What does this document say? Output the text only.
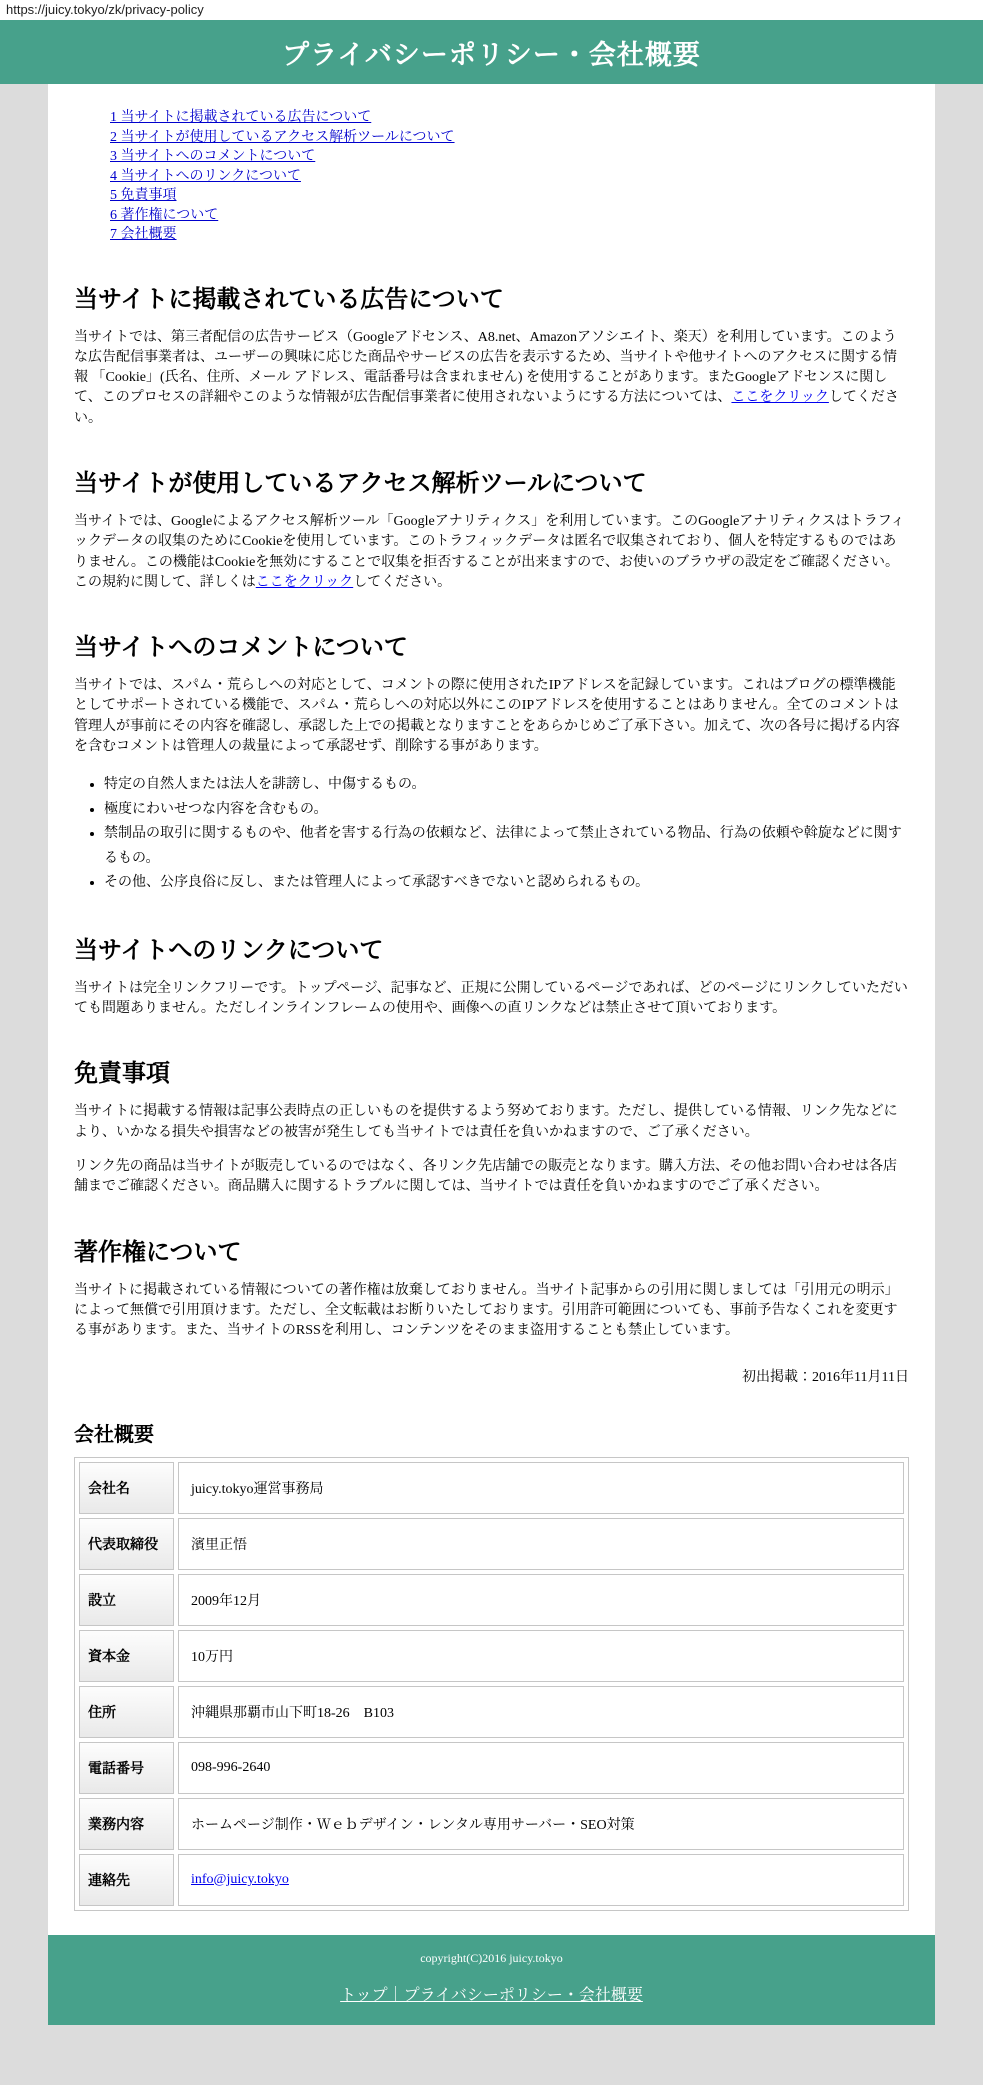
https://juicy.tokyo/zk/privacy-policy
プライバシーポリシー・会社概要
1 当サイトに掲載されている広告について
2 当サイトが使用しているアクセス解析ツールについて
3 当サイトへのコメントについて
4 当サイトへのリンクについて
5 免責事項
6 著作権について
7 会社概要
当サイトに掲載されている広告について

当サイトでは、第三者配信の広告サービス（Googleアドセンス、A8.net、Amazonアソシエイト、楽天）を利用しています。このような広告配信事業者は、ユーザーの興味に応じた商品やサービスの広告を表示するため、当サイトや他サイトへのアクセスに関する情報 「Cookie」(氏名、住所、メール アドレス、電話番号は含まれません) を使用することがあります。またGoogleアドセンスに関して、このプロセスの詳細やこのような情報が広告配信事業者に使用されないようにする方法については、ここをクリックしてください。

当サイトが使用しているアクセス解析ツールについて

当サイトでは、Googleによるアクセス解析ツール「Googleアナリティクス」を利用しています。このGoogleアナリティクスはトラフィックデータの収集のためにCookieを使用しています。このトラフィックデータは匿名で収集されており、個人を特定するものではありません。この機能はCookieを無効にすることで収集を拒否することが出来ますので、お使いのブラウザの設定をご確認ください。この規約に関して、詳しくはここをクリックしてください。

当サイトへのコメントについて

当サイトでは、スパム・荒らしへの対応として、コメントの際に使用されたIPアドレスを記録しています。これはブログの標準機能としてサポートされている機能で、スパム・荒らしへの対応以外にこのIPアドレスを使用することはありません。全てのコメントは管理人が事前にその内容を確認し、承認した上での掲載となりますことをあらかじめご了承下さい。加えて、次の各号に掲げる内容を含むコメントは管理人の裁量によって承認せず、削除する事があります。

• 特定の自然人または法人を誹謗し、中傷するもの。
• 極度にわいせつな内容を含むもの。
• 禁制品の取引に関するものや、他者を害する行為の依頼など、法律によって禁止されている物品、行為の依頼や斡旋などに関するもの。
• その他、公序良俗に反し、または管理人によって承認すべきでないと認められるもの。
当サイトへのリンクについて

当サイトは完全リンクフリーです。トップページ、記事など、正規に公開しているページであれば、どのページにリンクしていただいても問題ありません。ただしインラインフレームの使用や、画像への直リンクなどは禁止させて頂いております。

免責事項

当サイトに掲載する情報は記事公表時点の正しいものを提供するよう努めております。ただし、提供している情報、リンク先などにより、いかなる損失や損害などの被害が発生しても当サイトでは責任を負いかねますので、ご了承ください。

リンク先の商品は当サイトが販売しているのではなく、各リンク先店舗での販売となります。購入方法、その他お問い合わせは各店舗までご確認ください。商品購入に関するトラブルに関しては、当サイトでは責任を負いかねますのでご了承ください。

著作権について

当サイトに掲載されている情報についての著作権は放棄しておりません。当サイト記事からの引用に関しましては「引用元の明示」によって無償で引用頂けます。ただし、全文転載はお断りいたしております。引用許可範囲についても、事前予告なくこれを変更する事があります。また、当サイトのRSSを利用し、コンテンツをそのまま盗用することも禁止しています。

初出掲載：2016年11月11日

会社概要
会社名	juicy.tokyo運営事務局
代表取締役	濱里正悟
設立	2009年12月
資本金	10万円
住所	沖縄県那覇市山下町18-26　B103
電話番号	098-996-2640
業務内容	ホームページ制作・Ｗｅｂデザイン・レンタル専用サーバー・SEO対策
連絡先	info@juicy.tokyo
copyright(C)2016 juicy.tokyo
トップ｜プライバシーポリシー・会社概要
